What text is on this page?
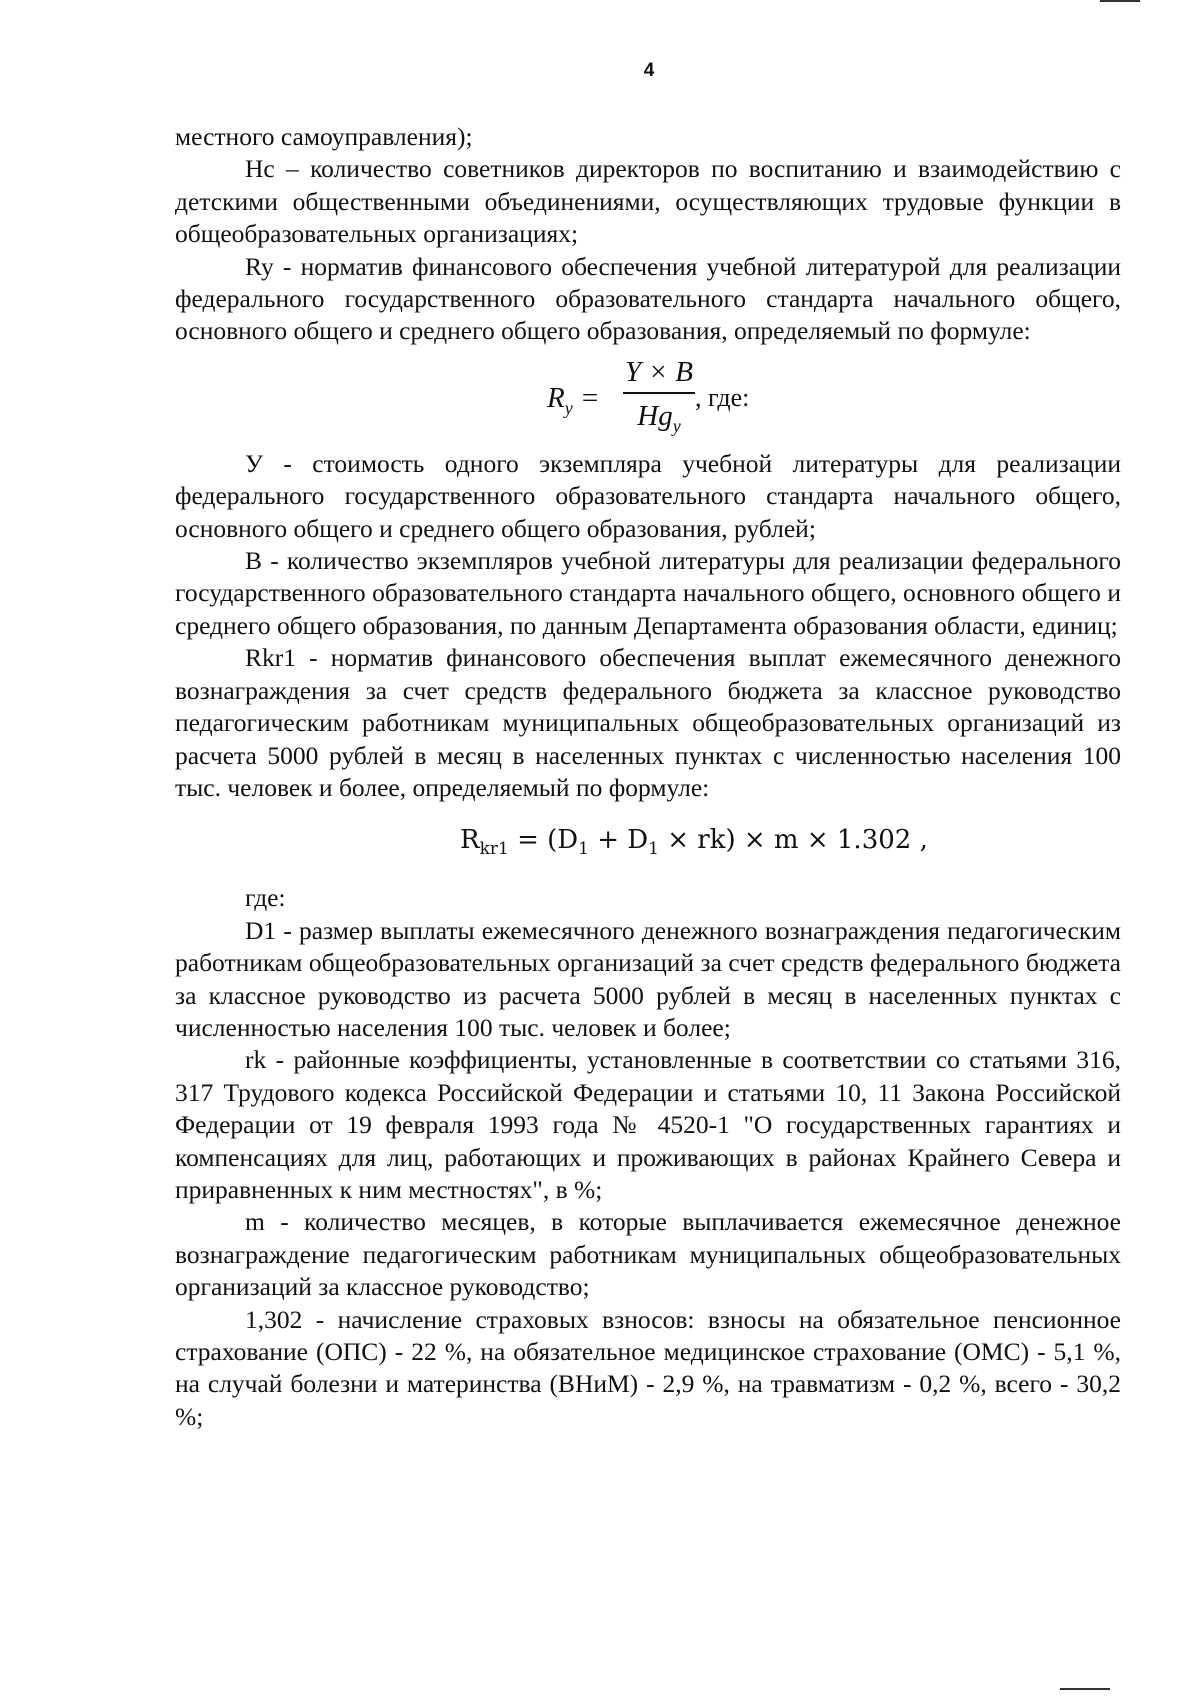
4

местного самоуправления);

Нс – количество советников директоров по воспитанию и взаимодействию с детскими общественными объединениями, осуществляющих трудовые функции в общеобразовательных организациях;

Ry - норматив финансового обеспечения учебной литературой для реализации федерального государственного образовательного стандарта начального общего, основного общего и среднего общего образования, определяемый по формуле:

$R_y$ =
Y × B
$Hg_y$
, где:

У - стоимость одного экземпляра учебной литературы для реализации федерального государственного образовательного стандарта начального общего, основного общего и среднего общего образования, рублей;

В - количество экземпляров учебной литературы для реализации федерального государственного образовательного стандарта начального общего, основного общего и среднего общего образования, по данным Департамента образования области, единиц;

Rkr1 - норматив финансового обеспечения выплат ежемесячного денежного вознаграждения за счет средств федерального бюджета за классное руководство педагогическим работникам муниципальных общеобразовательных организаций из расчета 5000 рублей в месяц в населенных пунктах с численностью населения 100 тыс. человек и более, определяемый по формуле:

$R_{kr1} = (D_1 + D_1 \times rk) \times m \times 1.302$ ,

где:

D1 - размер выплаты ежемесячного денежного вознаграждения педагогическим работникам общеобразовательных организаций за счет средств федерального бюджета за классное руководство из расчета 5000 рублей в месяц в населенных пунктах с численностью населения 100 тыс. человек и более;

rk - районные коэффициенты, установленные в соответствии со статьями 316, 317 Трудового кодекса Российской Федерации и статьями 10, 11 Закона Российской Федерации от 19 февраля 1993 года № 4520-1 "О государственных гарантиях и компенсациях для лиц, работающих и проживающих в районах Крайнего Севера и приравненных к ним местностях", в %;

m - количество месяцев, в которые выплачивается ежемесячное денежное вознаграждение педагогическим работникам муниципальных общеобразовательных организаций за классное руководство;

1,302 - начисление страховых взносов: взносы на обязательное пенсионное страхование (ОПС) - 22 %, на обязательное медицинское страхование (ОМС) - 5,1 %, на случай болезни и материнства (ВНиМ) - 2,9 %, на травматизм - 0,2 %, всего - 30,2 %;
